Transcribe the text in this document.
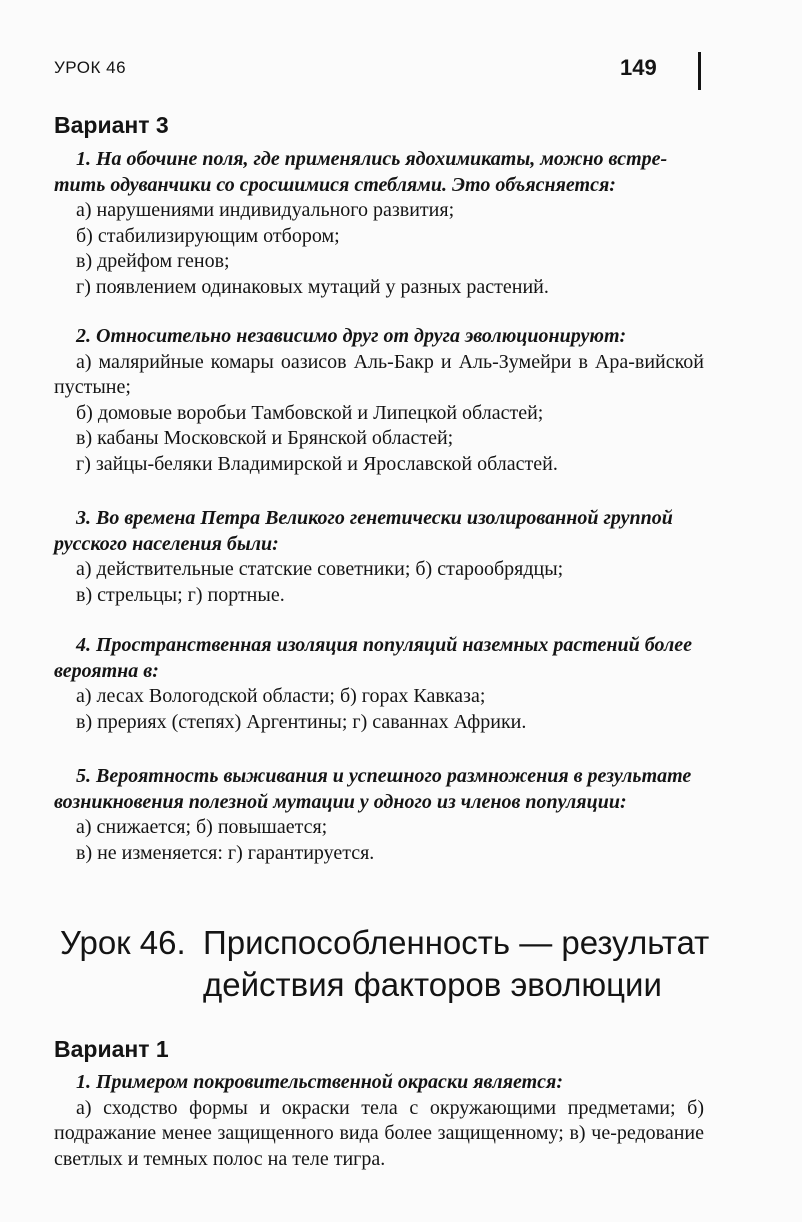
УРОК 46	149
Вариант 3

1. На обочине поля, где применялись ядохимикаты, можно встре-тить одуванчики со сросшимися стеблями. Это объясняется:

а) нарушениями индивидуального развития;

б) стабилизирующим отбором;

в) дрейфом генов;

г) появлением одинаковых мутаций у разных растений.

2. Относительно независимо друг от друга эволюционируют:

а) малярийные комары оазисов Аль-Бакр и Аль-Зумейри в Ара-вийской пустыне;

б) домовые воробьи Тамбовской и Липецкой областей;

в) кабаны Московской и Брянской областей;

г) зайцы-беляки Владимирской и Ярославской областей.

3. Во времена Петра Великого генетически изолированной группой русского населения были:

а) действительные статские советники; б) старообрядцы;

в) стрельцы; г) портные.

4. Пространственная изоляция популяций наземных растений более вероятна в:

а) лесах Вологодской области; б) горах Кавказа;

в) прериях (степях) Аргентины; г) саваннах Африки.

5. Вероятность выживания и успешного размножения в результате возникновения полезной мутации у одного из членов популяции:

а) снижается; б) повышается;

в) не изменяется: г) гарантируется.

Урок 46. Приспособленность — результат
действия факторов эволюции
Вариант 1

1. Примером покровительственной окраски является:

а) сходство формы и окраски тела с окружающими предметами; б) подражание менее защищенного вида более защищенному; в) че-редование светлых и темных полос на теле тигра.
